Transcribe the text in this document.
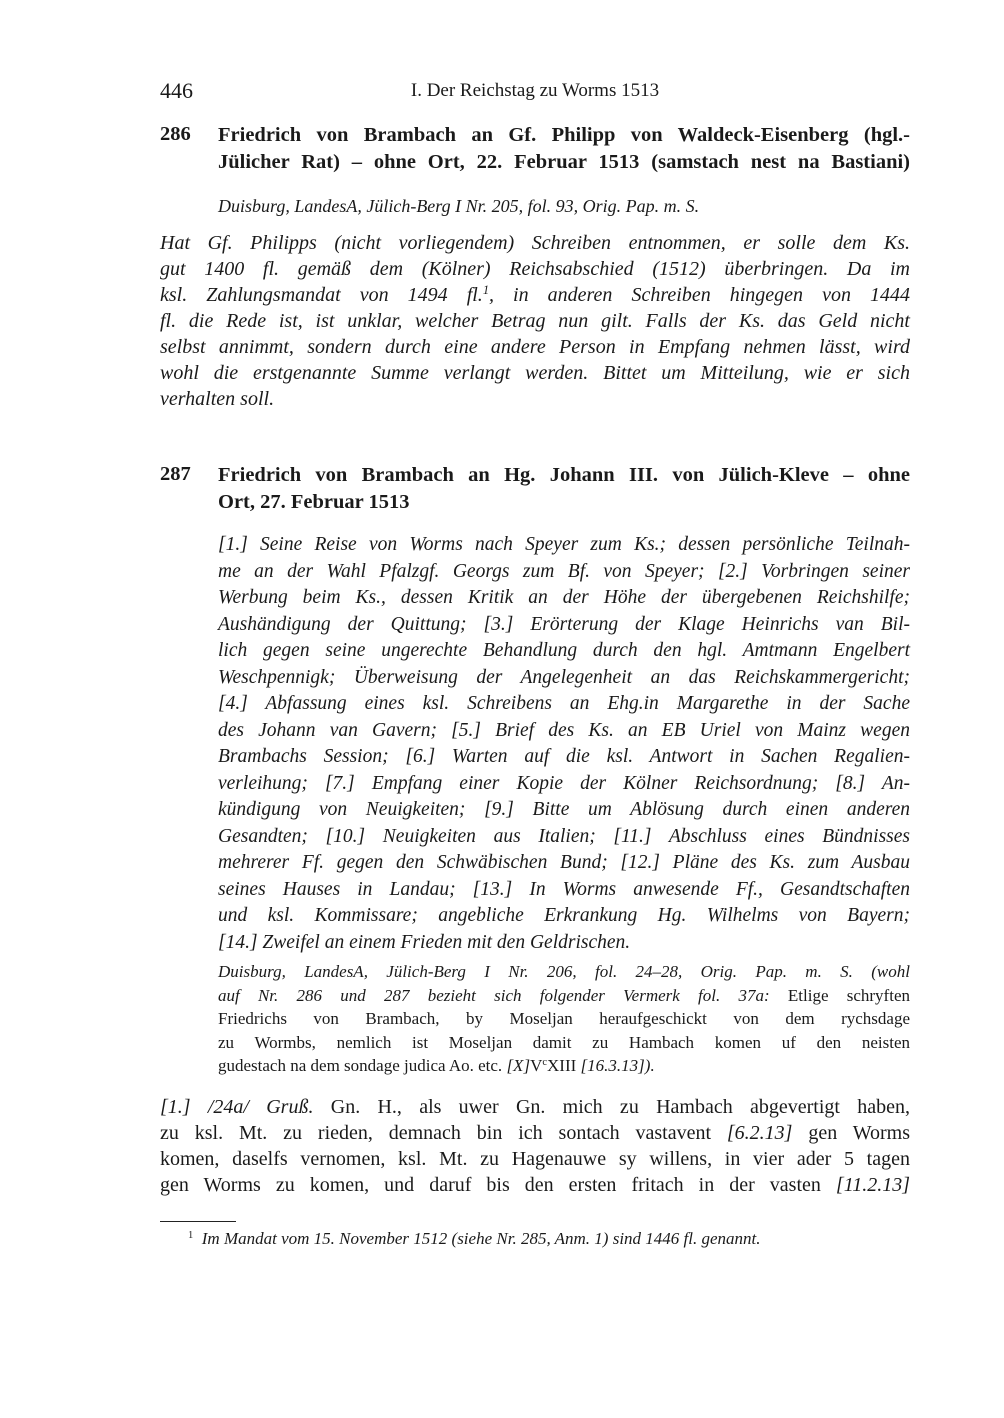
446	I. Der Reichstag zu Worms 1513
286 Friedrich von Brambach an Gf. Philipp von Waldeck-Eisenberg (hgl.-
Jülicher Rat) – ohne Ort, 22. Februar 1513 (samstach nest na Bastiani)
Duisburg, LandesA, Jülich-Berg I Nr. 205, fol. 93, Orig. Pap. m. S.
Hat Gf. Philipps (nicht vorliegendem) Schreiben entnommen, er solle dem Ks.
gut 1400 fl. gemäß dem (Kölner) Reichsabschied (1512) überbringen. Da im
ksl. Zahlungsmandat von 1494 fl.$^1$, in anderen Schreiben hingegen von 1444
fl. die Rede ist, ist unklar, welcher Betrag nun gilt. Falls der Ks. das Geld nicht
selbst annimmt, sondern durch eine andere Person in Empfang nehmen lässt, wird
wohl die erstgenannte Summe verlangt werden. Bittet um Mitteilung, wie er sich
verhalten soll.
287 Friedrich von Brambach an Hg. Johann III. von Jülich-Kleve – ohne
Ort, 27. Februar 1513
[1.] Seine Reise von Worms nach Speyer zum Ks.; dessen persönliche Teilnah-
me an der Wahl Pfalzgf. Georgs zum Bf. von Speyer; [2.] Vorbringen seiner
Werbung beim Ks., dessen Kritik an der Höhe der übergebenen Reichshilfe;
Aushändigung der Quittung; [3.] Erörterung der Klage Heinrichs van Bil-
lich gegen seine ungerechte Behandlung durch den hgl. Amtmann Engelbert
Weschpennigk; Überweisung der Angelegenheit an das Reichskammergericht;
[4.] Abfassung eines ksl. Schreibens an Ehg.in Margarethe in der Sache
des Johann van Gavern; [5.] Brief des Ks. an EB Uriel von Mainz wegen
Brambachs Session; [6.] Warten auf die ksl. Antwort in Sachen Regalien-
verleihung; [7.] Empfang einer Kopie der Kölner Reichsordnung; [8.] An-
kündigung von Neuigkeiten; [9.] Bitte um Ablösung durch einen anderen
Gesandten; [10.] Neuigkeiten aus Italien; [11.] Abschluss eines Bündnisses
mehrerer Ff. gegen den Schwäbischen Bund; [12.] Pläne des Ks. zum Ausbau
seines Hauses in Landau; [13.] In Worms anwesende Ff., Gesandtschaften
und ksl. Kommissare; angebliche Erkrankung Hg. Wilhelms von Bayern;
[14.] Zweifel an einem Frieden mit den Geldrischen.
Duisburg, LandesA, Jülich-Berg I Nr. 206, fol. 24–28, Orig. Pap. m. S. (wohl
auf Nr. 286 und 287 bezieht sich folgender Vermerk fol. 37a: Etlige schryften
Friedrichs von Brambach, by Moseljan heraufgeschickt von dem rychsdage
zu Wormbs, nemlich ist Moseljan damit zu Hambach komen uf den neisten
gudestach na dem sondage judica Ao. etc. $[X]V^cXIII$ [16.3.13]).
[1.] /24a/ Gruß. Gn. H., als uwer Gn. mich zu Hambach abgevertigt haben,
zu ksl. Mt. zu rieden, demnach bin ich sontach vastavent [6.2.13] gen Worms
komen, daselfs vernomen, ksl. Mt. zu Hagenauwe sy willens, in vier ader 5 tagen
gen Worms zu komen, und daruf bis den ersten fritach in der vasten [11.2.13]
$^1$ Im Mandat vom 15. November 1512 (siehe Nr. 285, Anm. 1) sind 1446 fl. genannt.
